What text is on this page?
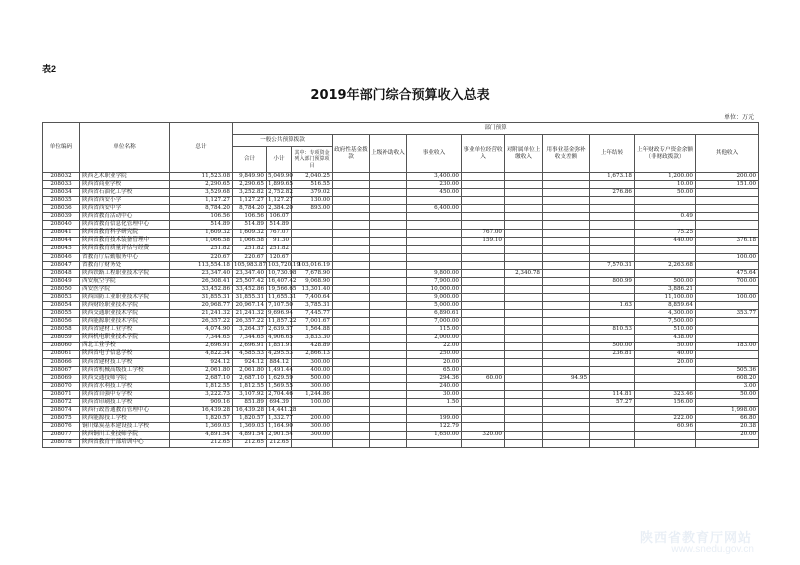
表2
2019年部门综合预算收入总表
单位：万元
单位编码	单位名称	总计	部门预算											
			一般公共预算拨款			政府性基金拨款	上级补助收入	事业收入	事业单位经营收入	对附属单位上缴收入	用事业基金弥补收支差额	上年结转	上年财政专户资金余额（非财政拨款）	其他收入
			合计	小计	其中：专项资金列入部门预算项目									
208032	陕西艺术职业学院	11,523.08	9,849.90	5,049.90	2,040.25			3,400.00				1,673.18	1,200.00	200.00
208033	陕西省商业学校	2,290.65	2,290.65	1,899.65	516.55			230.00					10.00	151.00
208034	陕西省石油化工学校	3,529.68	3,252.82	2,752.82	379.02			450.00				276.86	50.00	
208035	陕西省西安小学	1,127.27	1,127.27	1,127.27	130.00									
208036	陕西省西安中学	8,784.20	8,784.20	2,384.20	893.00			6,400.00						
208039	陕西省教育活动中心	106.56	106.56	106.07									0.49	
208040	陕西省教育信息化管理中心	514.89	514.89	514.89										
208041	陕西省教育科学研究院	1,609.32	1,609.32	767.07					767.00				75.25	
208044	陕西省教育技术装备管理中	1,066.58	1,066.58	91.30					159.10				440.00	376.18
208045	陕西省教育质量评估与经费	251.82	251.82	251.82										
208046	省教育厅后勤服务中心	220.67	220.67	120.67										100.00
208047	省教育厅财务处	113,554.18	105,983.87	103,720.19	103,016.19							7,570.31	2,263.68	
208048	陕西铁路工程职业技术学院	23,347.40	23,347.40	10,730.98	7,678.90			9,800.00		2,340.78				475.64
208049	西安航空学院	26,308.41	25,507.42	16,407.42	9,068.90			7,900.00				800.99	500.00	700.00
208050	西安医学院	33,452.86	33,452.86	19,566.65	13,301.40			10,000.00					3,886.21	
208053	陕西国防工业职业技术学院	31,855.31	31,855.31	11,655.31	7,400.64			9,000.00					11,100.00	100.00
208054	陕西财经职业技术学院	20,968.77	20,967.14	7,107.50	3,785.31			5,000.00				1.63	8,859.64	
208055	陕西交通职业技术学院	21,241.32	21,241.32	9,696.94	7,445.77			6,890.61					4,300.00	353.77
208056	陕西能源职业技术学院	26,357.22	26,357.22	11,857.22	7,001.67			7,000.00					7,500.00	
208058	陕西省建材工业学校	4,074.90	3,264.37	2,639.37	1,564.88			115.00				810.53	510.00	
208059	陕西机电职业技术学院	7,344.65	7,344.65	4,906.65	3,833.30			2,000.00					438.00	
208060	西北工业学校	2,696.91	2,696.91	1,851.91	428.89			22.00				500.00	50.00	183.00
208061	陕西省电子信息学校	4,822.34	4,585.53	4,295.53	2,866.13			250.00				236.81	40.00	
208066	陕西省建材技工学校	924.12	924.12	884.12	300.00			20.00					20.00	
208067	陕西省机械高级技工学校	2,061.80	2,061.80	1,491.44	400.00			65.00						505.36
208069	陕西交通技师学院	2,687.10	2,687.10	1,629.59	500.00			294.36	60.00		94.95			608.20
208070	陕西省水利技工学校	1,812.55	1,812.55	1,569.55	300.00			240.00						3.00
208071	陕西省自强中专学校	3,222.73	3,107.92	2,704.46	1,244.86			30.00				114.81	323.46	50.00
208072	陕西省印刷技工学校	909.16	851.89	694.39	100.00			1.50				57.27	156.00	
208074	陕西行政普通教育管理中心	16,439.28	16,439.28	14,441.28										1,998.00
208075	陕西能源技工学校	1,820.57	1,820.57	1,332.77	200.00			199.00					222.00	66.80
208076	铜川煤炭基本建设技工学校	1,369.03	1,369.03	1,164.90	300.00			122.79					60.96	20.38
208077	陕西铜川工业技师学院	4,891.54	4,891.54	2,901.54	300.00			1,650.00	320.00					20.00
208078	陕西省教育干部培训中心	212.65	212.65	212.65										
陕西省教育厅网站
www.snedu.gov.cn
